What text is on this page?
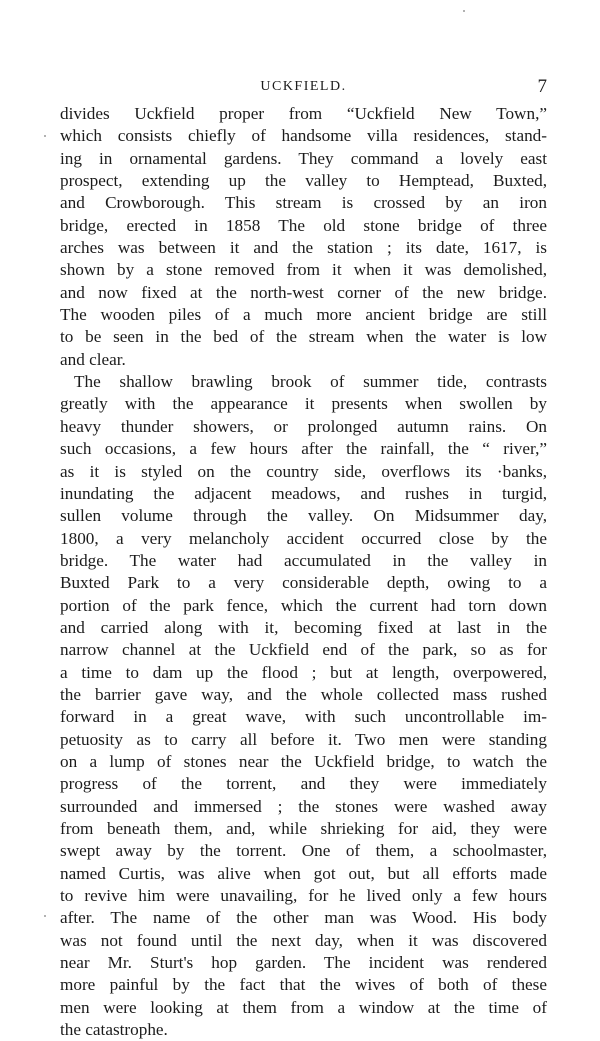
UCKFIELD.	7
divides Uckfield proper from “Uckfield New Town,”
which consists chiefly of handsome villa residences, stand-
ing in ornamental gardens. They command a lovely east
prospect, extending up the valley to Hemptead, Buxted,
and Crowborough. This stream is crossed by an iron
bridge, erected in 1858 The old stone bridge of three
arches was between it and the station ; its date, 1617, is
shown by a stone removed from it when it was demolished,
and now fixed at the north-west corner of the new bridge.
The wooden piles of a much more ancient bridge are still
to be seen in the bed of the stream when the water is low
and clear.
The shallow brawling brook of summer tide, contrasts
greatly with the appearance it presents when swollen by
heavy thunder showers, or prolonged autumn rains. On
such occasions, a few hours after the rainfall, the “ river,”
as it is styled on the country side, overflows its ·banks,
inundating the adjacent meadows, and rushes in turgid,
sullen volume through the valley. On Midsummer day,
1800, a very melancholy accident occurred close by the
bridge. The water had accumulated in the valley in
Buxted Park to a very considerable depth, owing to a
portion of the park fence, which the current had torn down
and carried along with it, becoming fixed at last in the
narrow channel at the Uckfield end of the park, so as for
a time to dam up the flood ; but at length, overpowered,
the barrier gave way, and the whole collected mass rushed
forward in a great wave, with such uncontrollable im-
petuosity as to carry all before it. Two men were standing
on a lump of stones near the Uckfield bridge, to watch the
progress of the torrent, and they were immediately
surrounded and immersed ; the stones were washed away
from beneath them, and, while shrieking for aid, they were
swept away by the torrent. One of them, a schoolmaster,
named Curtis, was alive when got out, but all efforts made
to revive him were unavailing, for he lived only a few hours
after. The name of the other man was Wood. His body
was not found until the next day, when it was discovered
near Mr. Sturt's hop garden. The incident was rendered
more painful by the fact that the wives of both of these
men were looking at them from a window at the time of
the catastrophe.
